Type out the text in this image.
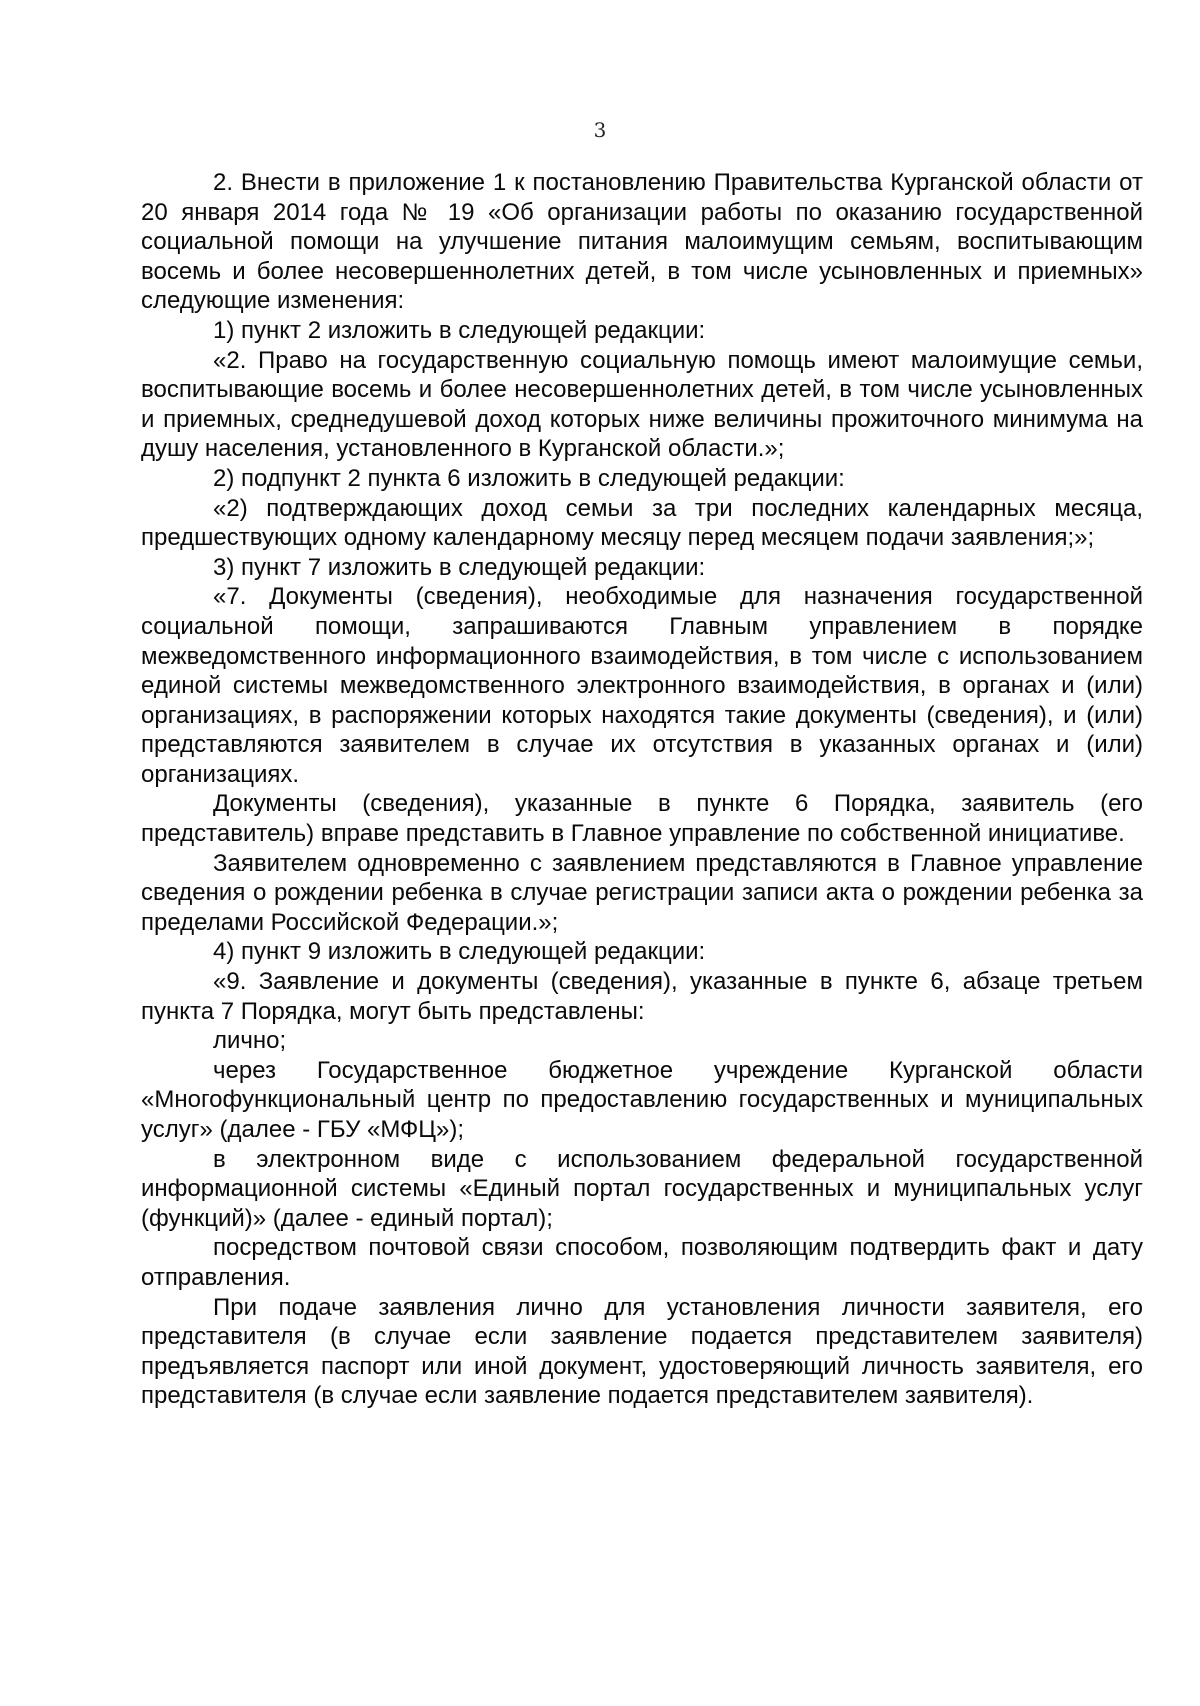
3

2. Внести в приложение 1 к постановлению Правительства Курганской области от 20 января 2014 года № 19 «Об организации работы по оказанию государственной социальной помощи на улучшение питания малоимущим семьям, воспитывающим восемь и более несовершеннолетних детей, в том числе усыновленных и приемных» следующие изменения:

1) пункт 2 изложить в следующей редакции:

«2. Право на государственную социальную помощь имеют малоимущие семьи, воспитывающие восемь и более несовершеннолетних детей, в том числе усыновленных и приемных, среднедушевой доход которых ниже величины прожиточного минимума на душу населения, установленного в Курганской области.»;

2) подпункт 2 пункта 6 изложить в следующей редакции:

«2) подтверждающих доход семьи за три последних календарных месяца, предшествующих одному календарному месяцу перед месяцем подачи заявления;»;

3) пункт 7 изложить в следующей редакции:

«7. Документы (сведения), необходимые для назначения государственной социальной помощи, запрашиваются Главным управлением в порядке межведомственного информационного взаимодействия, в том числе с использованием единой системы межведомственного электронного взаимодействия, в органах и (или) организациях, в распоряжении которых находятся такие документы (сведения), и (или) представляются заявителем в случае их отсутствия в указанных органах и (или) организациях.

Документы (сведения), указанные в пункте 6 Порядка, заявитель (его представитель) вправе представить в Главное управление по собственной инициативе.

Заявителем одновременно с заявлением представляются в Главное управление сведения о рождении ребенка в случае регистрации записи акта о рождении ребенка за пределами Российской Федерации.»;

4) пункт 9 изложить в следующей редакции:

«9. Заявление и документы (сведения), указанные в пункте 6, абзаце третьем пункта 7 Порядка, могут быть представлены:

лично;

через Государственное бюджетное учреждение Курганской области «Многофункциональный центр по предоставлению государственных и муниципальных услуг» (далее - ГБУ «МФЦ»);

в электронном виде с использованием федеральной государственной информационной системы «Единый портал государственных и муниципальных услуг (функций)» (далее - единый портал);

посредством почтовой связи способом, позволяющим подтвердить факт и дату отправления.

При подаче заявления лично для установления личности заявителя, его представителя (в случае если заявление подается представителем заявителя) предъявляется паспорт или иной документ, удостоверяющий личность заявителя, его представителя (в случае если заявление подается представителем заявителя).
